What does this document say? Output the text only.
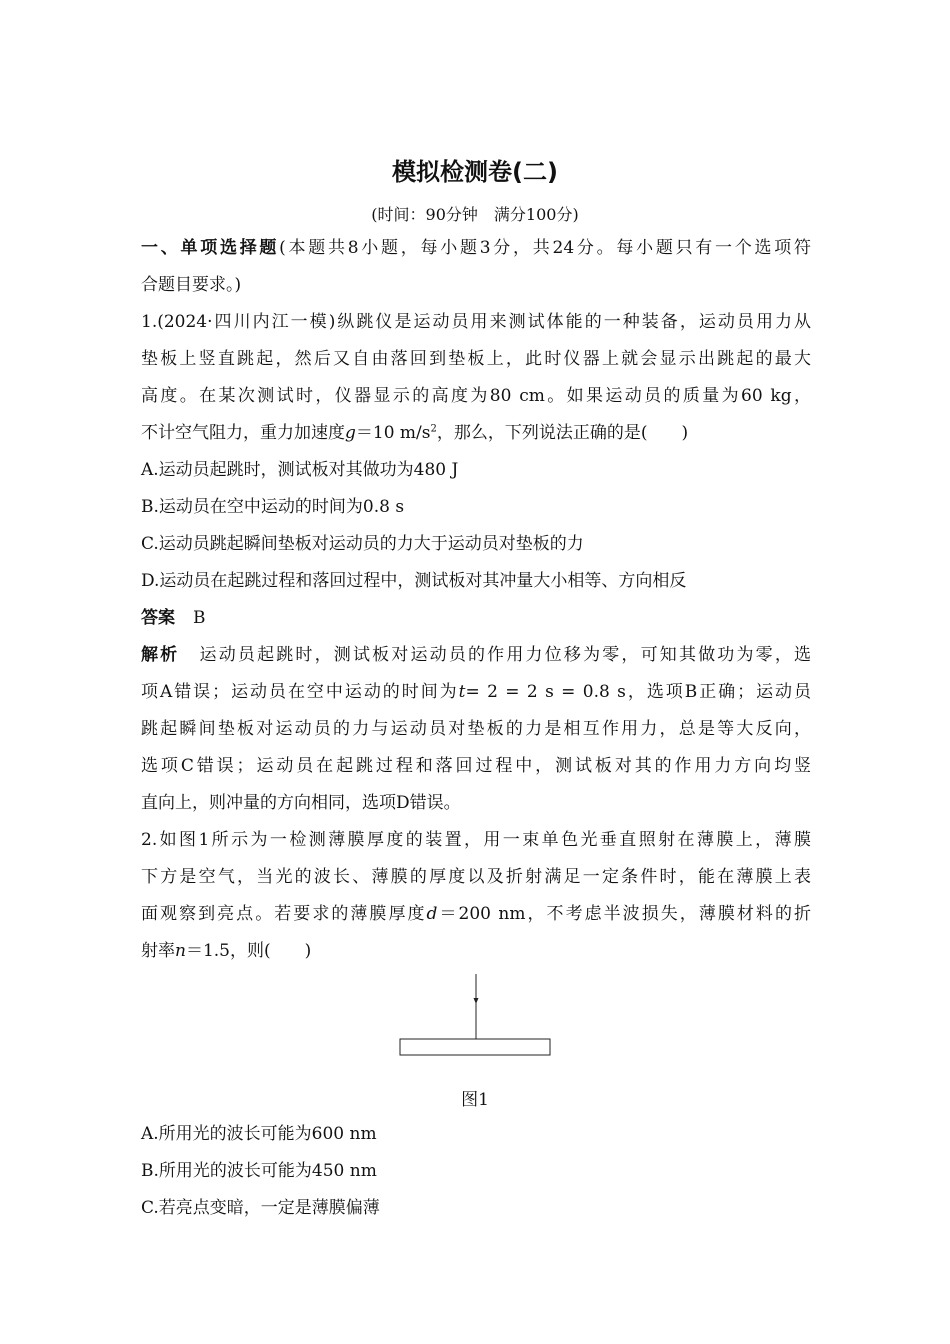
模拟检测卷(二)
(时间：90分钟　满分100分)
一、单项选择题(本题共8小题，每小题3分，共24分。每小题只有一个选项符
合题目要求。)
1.(2024·四川内江一模)纵跳仪是运动员用来测试体能的一种装备，运动员用力从
垫板上竖直跳起，然后又自由落回到垫板上，此时仪器上就会显示出跳起的最大
高度。在某次测试时，仪器显示的高度为80 cm。如果运动员的质量为60 kg，
不计空气阻力，重力加速度g＝10 $m/s^2$，那么，下列说法正确的是(　　)
A.运动员起跳时，测试板对其做功为480 J
B.运动员在空中运动的时间为0.8 s
C.运动员跳起瞬间垫板对运动员的力大于运动员对垫板的力
D.运动员在起跳过程和落回过程中，测试板对其冲量大小相等、方向相反
答案 B
解析 运动员起跳时，测试板对运动员的作用力位移为零，可知其做功为零，选
项A错误；运动员在空中运动的时间为t= 2 = 2 s = 0.8 s，选项B正确；运动员
跳起瞬间垫板对运动员的力与运动员对垫板的力是相互作用力，总是等大反向，
选项C错误；运动员在起跳过程和落回过程中，测试板对其的作用力方向均竖
直向上，则冲量的方向相同，选项D错误。
2.如图1所示为一检测薄膜厚度的装置，用一束单色光垂直照射在薄膜上，薄膜
下方是空气，当光的波长、薄膜的厚度以及折射满足一定条件时，能在薄膜上表
面观察到亮点。若要求的薄膜厚度d＝200 nm，不考虑半波损失，薄膜材料的折
射率n＝1.5，则(　　)
图1
A.所用光的波长可能为600 nm
B.所用光的波长可能为450 nm
C.若亮点变暗，一定是薄膜偏薄
